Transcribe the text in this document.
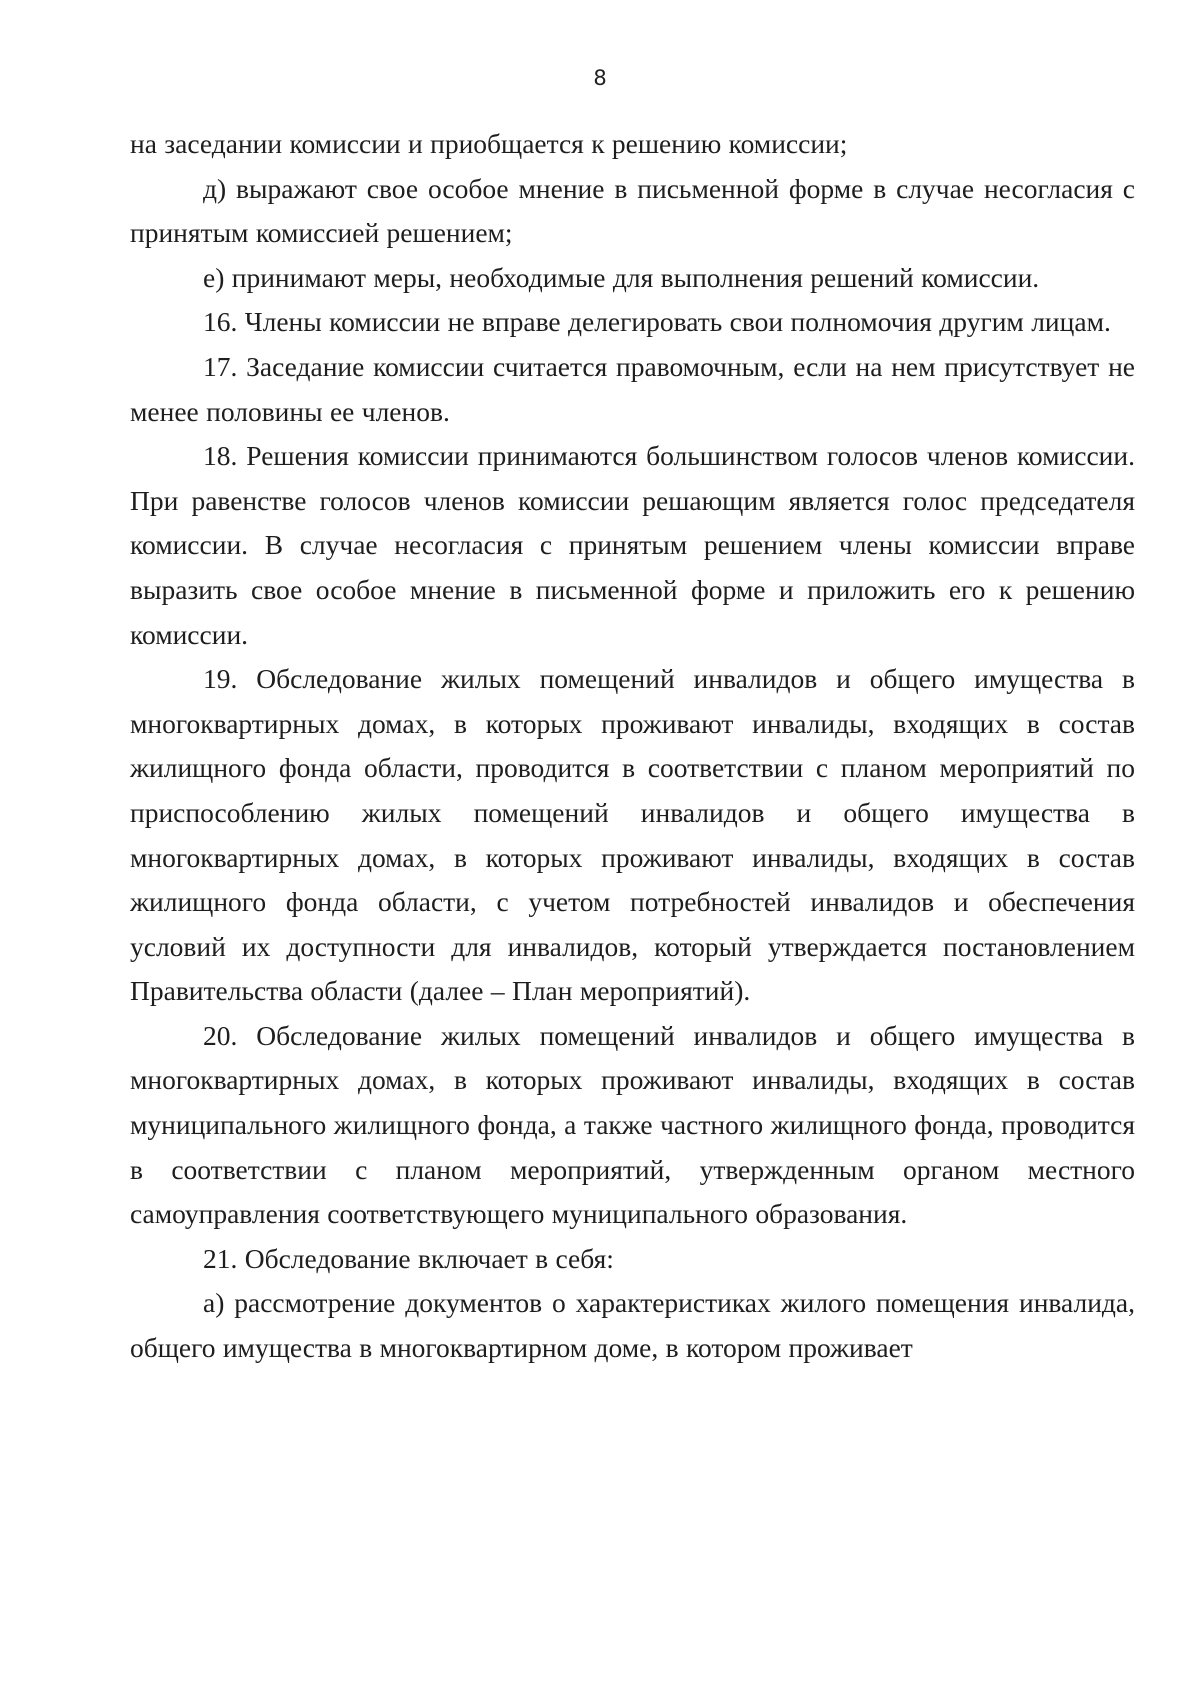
8

на заседании комиссии и приобщается к решению комиссии;

д) выражают свое особое мнение в письменной форме в случае несогласия с принятым комиссией решением;

е) принимают меры, необходимые для выполнения решений комиссии.

16. Члены комиссии не вправе делегировать свои полномочия другим лицам.

17. Заседание комиссии считается правомочным, если на нем присутствует не менее половины ее членов.

18. Решения комиссии принимаются большинством голосов членов комиссии. При равенстве голосов членов комиссии решающим является голос председателя комиссии. В случае несогласия с принятым решением члены комиссии вправе выразить свое особое мнение в письменной форме и приложить его к решению комиссии.

19. Обследование жилых помещений инвалидов и общего имущества в многоквартирных домах, в которых проживают инвалиды, входящих в состав жилищного фонда области, проводится в соответствии с планом мероприятий по приспособлению жилых помещений инвалидов и общего имущества в многоквартирных домах, в которых проживают инвалиды, входящих в состав жилищного фонда области, с учетом потребностей инвалидов и обеспечения условий их доступности для инвалидов, который утверждается постановлением Правительства области (далее – План мероприятий).

20. Обследование жилых помещений инвалидов и общего имущества в многоквартирных домах, в которых проживают инвалиды, входящих в состав муниципального жилищного фонда, а также частного жилищного фонда, проводится в соответствии с планом мероприятий, утвержденным органом местного самоуправления соответствующего муниципального образования.

21. Обследование включает в себя:

а) рассмотрение документов о характеристиках жилого помещения инвалида, общего имущества в многоквартирном доме, в котором проживает
